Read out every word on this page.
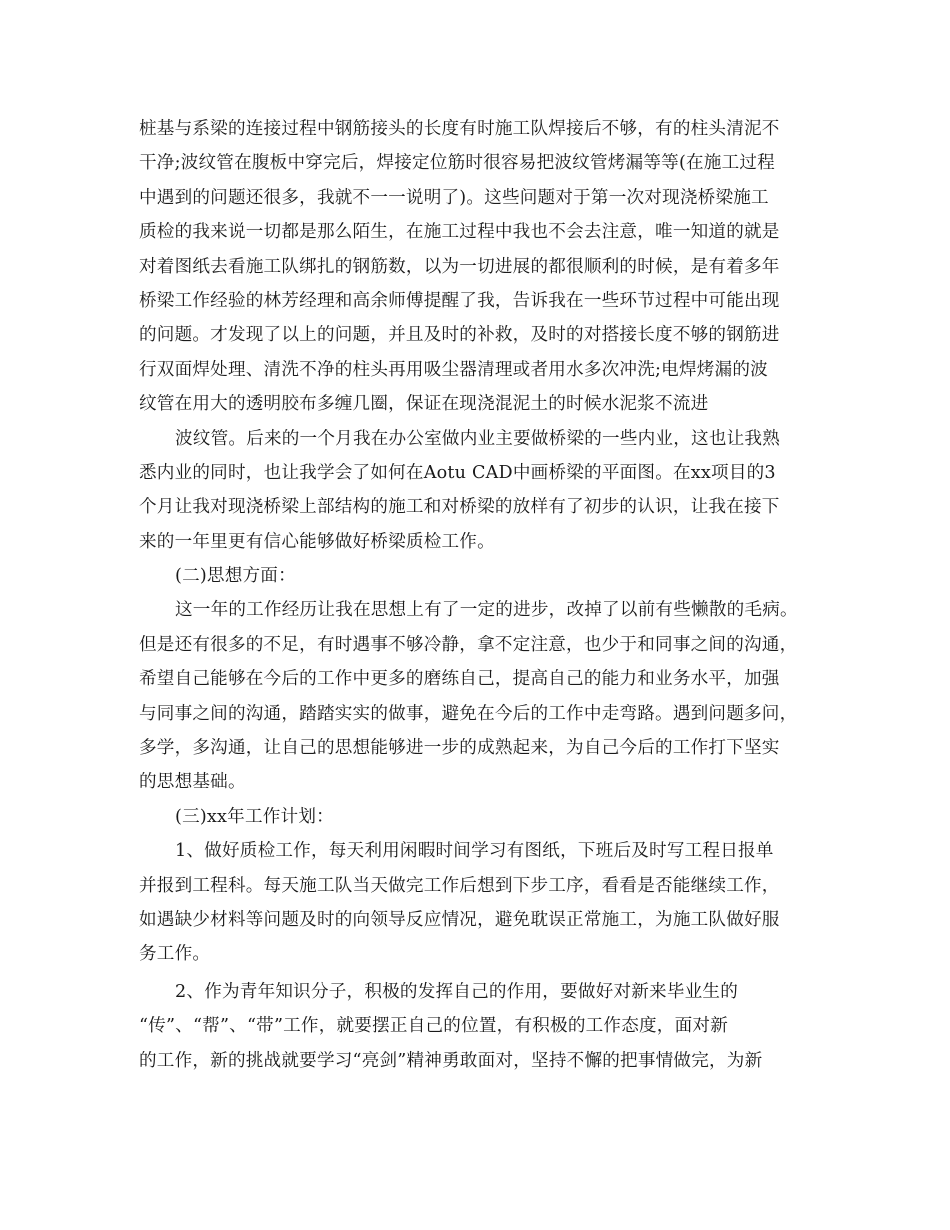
桩基与系梁的连接过程中钢筋接头的长度有时施工队焊接后不够，有的柱头清泥不
干净;波纹管在腹板中穿完后，焊接定位筋时很容易把波纹管烤漏等等(在施工过程
中遇到的问题还很多，我就不一一说明了)。这些问题对于第一次对现浇桥梁施工
质检的我来说一切都是那么陌生，在施工过程中我也不会去注意，唯一知道的就是
对着图纸去看施工队绑扎的钢筋数，以为一切进展的都很顺利的时候，是有着多年
桥梁工作经验的林芳经理和高余师傅提醒了我，告诉我在一些环节过程中可能出现
的问题。才发现了以上的问题，并且及时的补救，及时的对搭接长度不够的钢筋进
行双面焊处理、清洗不净的柱头再用吸尘器清理或者用水多次冲洗;电焊烤漏的波
纹管在用大的透明胶布多缠几圈，保证在现浇混泥土的时候水泥浆不流进
波纹管。后来的一个月我在办公室做内业主要做桥梁的一些内业，这也让我熟
悉内业的同时，也让我学会了如何在Aotu CAD中画桥梁的平面图。在xx项目的3
个月让我对现浇桥梁上部结构的施工和对桥梁的放样有了初步的认识，让我在接下
来的一年里更有信心能够做好桥梁质检工作。
(二)思想方面：
这一年的工作经历让我在思想上有了一定的进步，改掉了以前有些懒散的毛病。
但是还有很多的不足，有时遇事不够冷静，拿不定注意，也少于和同事之间的沟通，
希望自己能够在今后的工作中更多的磨练自己，提高自己的能力和业务水平，加强
与同事之间的沟通，踏踏实实的做事，避免在今后的工作中走弯路。遇到问题多问，
多学，多沟通，让自己的思想能够进一步的成熟起来，为自己今后的工作打下坚实
的思想基础。
(三)xx年工作计划：
1、做好质检工作，每天利用闲暇时间学习有图纸，下班后及时写工程日报单
并报到工程科。每天施工队当天做完工作后想到下步工序，看看是否能继续工作，
如遇缺少材料等问题及时的向领导反应情况，避免耽误正常施工，为施工队做好服
务工作。
2、作为青年知识分子，积极的发挥自己的作用，要做好对新来毕业生的
“传”、“帮”、“带”工作，就要摆正自己的位置，有积极的工作态度，面对新
的工作，新的挑战就要学习“亮剑”精神勇敢面对，坚持不懈的把事情做完，为新
